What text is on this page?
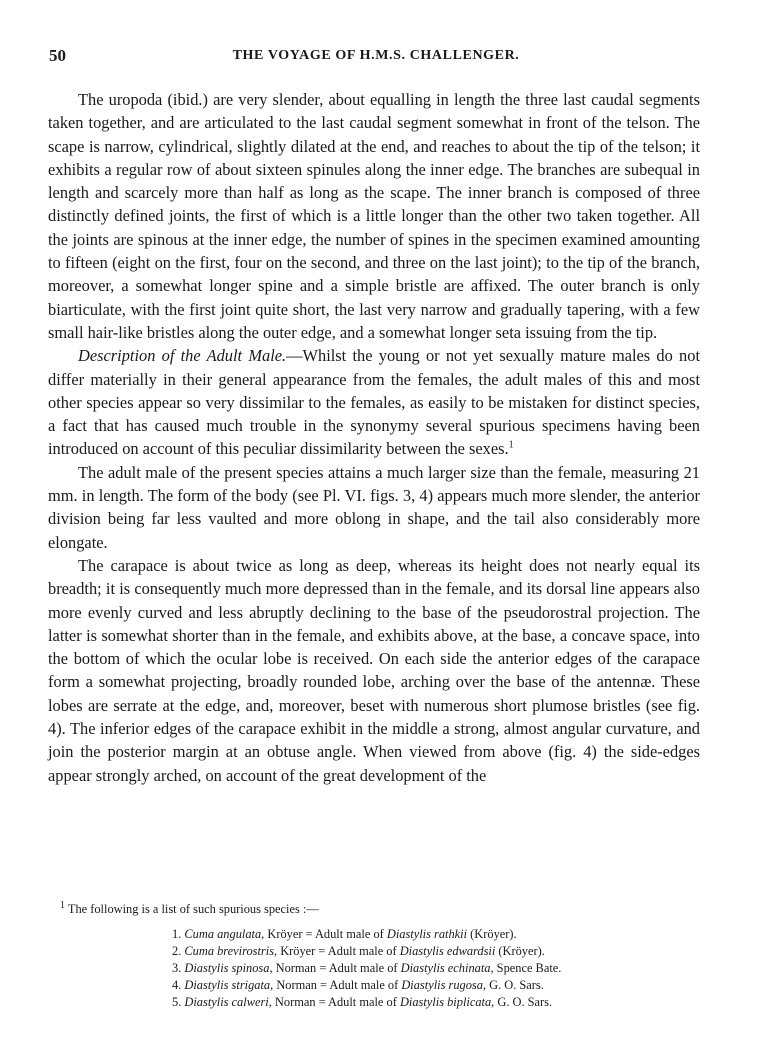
50	THE VOYAGE OF H.M.S. CHALLENGER.

The uropoda (ibid.) are very slender, about equalling in length the three last caudal segments taken together, and are articulated to the last caudal segment somewhat in front of the telson. The scape is narrow, cylindrical, slightly dilated at the end, and reaches to about the tip of the telson; it exhibits a regular row of about sixteen spinules along the inner edge. The branches are subequal in length and scarcely more than half as long as the scape. The inner branch is composed of three distinctly defined joints, the first of which is a little longer than the other two taken together. All the joints are spinous at the inner edge, the number of spines in the specimen examined amounting to fifteen (eight on the first, four on the second, and three on the last joint); to the tip of the branch, moreover, a somewhat longer spine and a simple bristle are affixed. The outer branch is only biarticulate, with the first joint quite short, the last very narrow and gradually tapering, with a few small hair-like bristles along the outer edge, and a somewhat longer seta issuing from the tip.

Description of the Adult Male.—Whilst the young or not yet sexually mature males do not differ materially in their general appearance from the females, the adult males of this and most other species appear so very dissimilar to the females, as easily to be mistaken for distinct species, a fact that has caused much trouble in the synonymy several spurious specimens having been introduced on account of this peculiar dissimilarity between the sexes.$^1$

The adult male of the present species attains a much larger size than the female, measuring 21 mm. in length. The form of the body (see Pl. VI. figs. 3, 4) appears much more slender, the anterior division being far less vaulted and more oblong in shape, and the tail also considerably more elongate.

The carapace is about twice as long as deep, whereas its height does not nearly equal its breadth; it is consequently much more depressed than in the female, and its dorsal line appears also more evenly curved and less abruptly declining to the base of the pseudorostral projection. The latter is somewhat shorter than in the female, and exhibits above, at the base, a concave space, into the bottom of which the ocular lobe is received. On each side the anterior edges of the carapace form a somewhat projecting, broadly rounded lobe, arching over the base of the antennæ. These lobes are serrate at the edge, and, moreover, beset with numerous short plumose bristles (see fig. 4). The inferior edges of the carapace exhibit in the middle a strong, almost angular curvature, and join the posterior margin at an obtuse angle. When viewed from above (fig. 4) the side-edges appear strongly arched, on account of the great development of the

$^1$ The following is a list of such spurious species :—

1. Cuma angulata, Kröyer = Adult male of Diastylis rathkii (Kröyer).
2. Cuma brevirostris, Kröyer = Adult male of Diastylis edwardsii (Kröyer).
3. Diastylis spinosa, Norman = Adult male of Diastylis echinata, Spence Bate.
4. Diastylis strigata, Norman = Adult male of Diastylis rugosa, G. O. Sars.
5. Diastylis calweri, Norman = Adult male of Diastylis biplicata, G. O. Sars.
